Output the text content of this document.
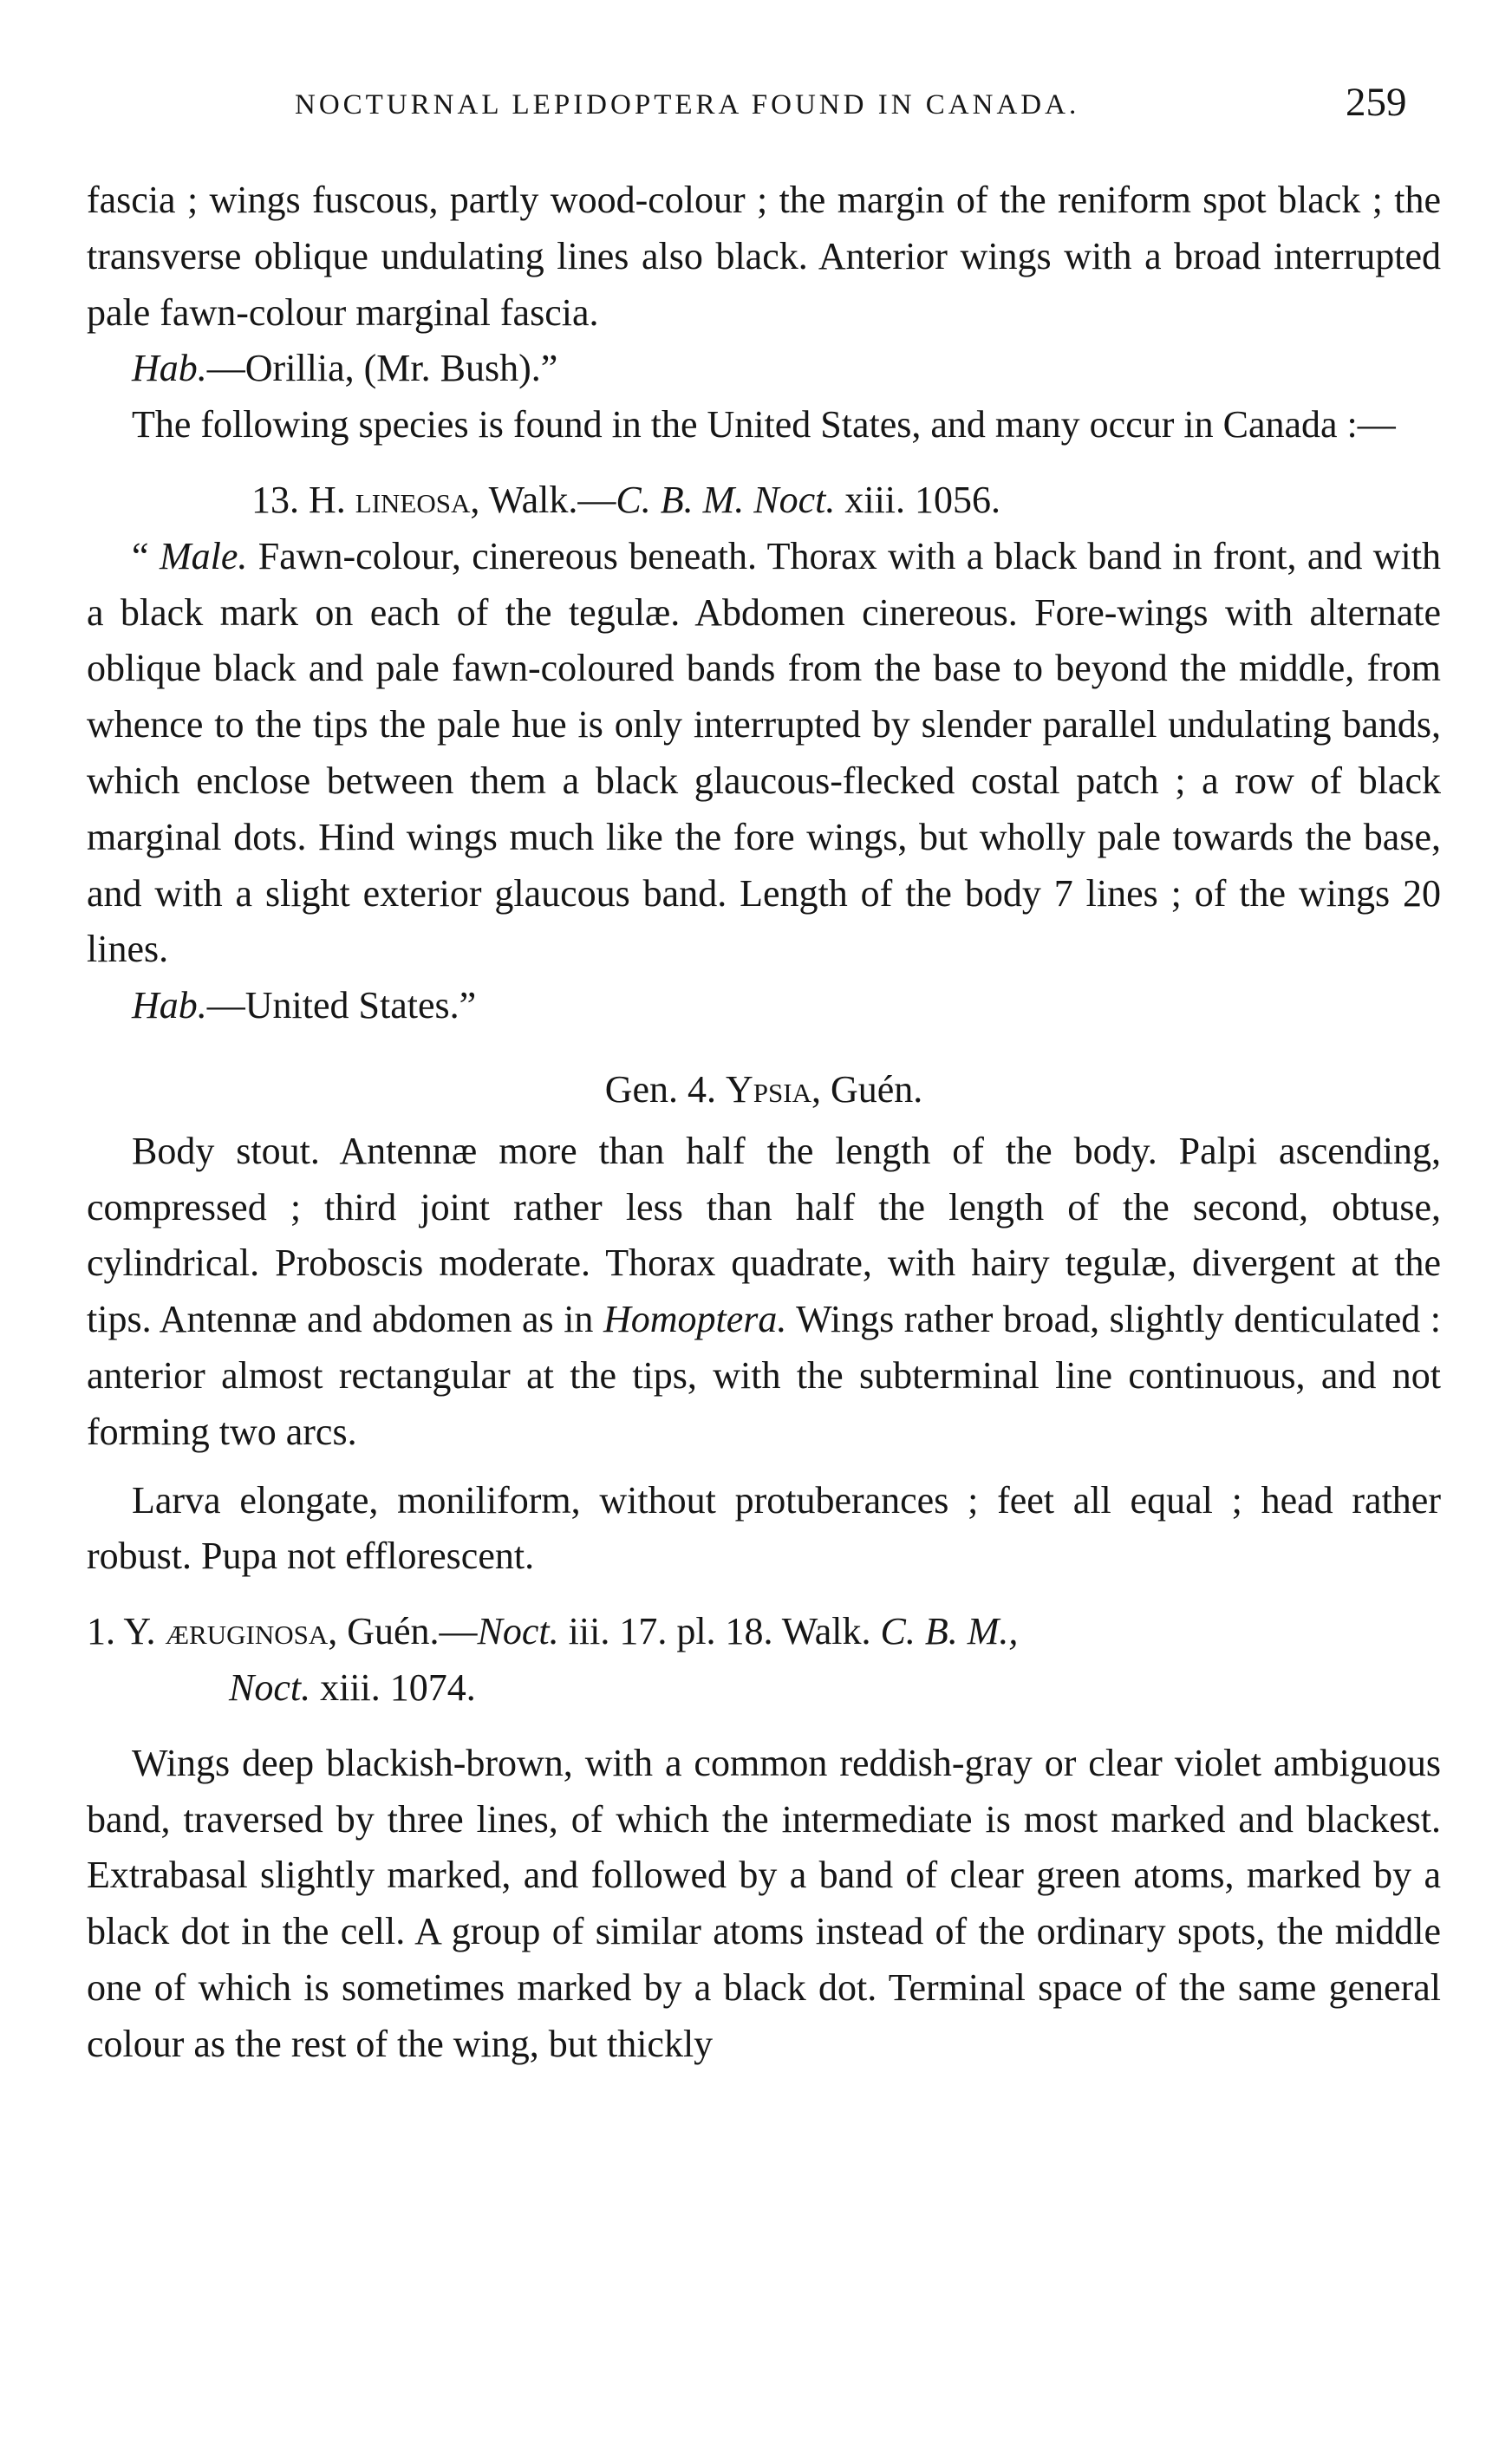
NOCTURNAL LEPIDOPTERA FOUND IN CANADA.	259

fascia ; wings fuscous, partly wood-colour ; the margin of the reniform spot black ; the transverse oblique undulating lines also black. Anterior wings with a broad interrupted pale fawn-colour marginal fascia.

Hab.—Orillia, (Mr. Bush).”

The following species is found in the United States, and many occur in Canada :—

13. H. lineosa, Walk.—C. B. M. Noct. xiii. 1056.

“ Male. Fawn-colour, cinereous beneath. Thorax with a black band in front, and with a black mark on each of the tegulæ. Abdomen cinereous. Fore-wings with alternate oblique black and pale fawn-coloured bands from the base to beyond the middle, from whence to the tips the pale hue is only interrupted by slender parallel undulating bands, which enclose between them a black glaucous-flecked costal patch ; a row of black marginal dots. Hind wings much like the fore wings, but wholly pale towards the base, and with a slight exterior glaucous band. Length of the body 7 lines ; of the wings 20 lines.

Hab.—United States.”

Gen. 4. Ypsia, Guén.

Body stout. Antennæ more than half the length of the body. Palpi ascending, compressed ; third joint rather less than half the length of the second, obtuse, cylindrical. Proboscis moderate. Thorax quadrate, with hairy tegulæ, divergent at the tips. Antennæ and abdomen as in Homoptera. Wings rather broad, slightly denticulated : anterior almost rectangular at the tips, with the subterminal line continuous, and not forming two arcs.

Larva elongate, moniliform, without protuberances ; feet all equal ; head rather robust. Pupa not efflorescent.

1. Y. æruginosa, Guén.—Noct. iii. 17. pl. 18. Walk. C. B. M.,

Noct. xiii. 1074.

Wings deep blackish-brown, with a common reddish-gray or clear violet ambiguous band, traversed by three lines, of which the intermediate is most marked and blackest. Extrabasal slightly marked, and followed by a band of clear green atoms, marked by a black dot in the cell. A group of similar atoms instead of the ordinary spots, the middle one of which is sometimes marked by a black dot. Terminal space of the same general colour as the rest of the wing, but thickly
